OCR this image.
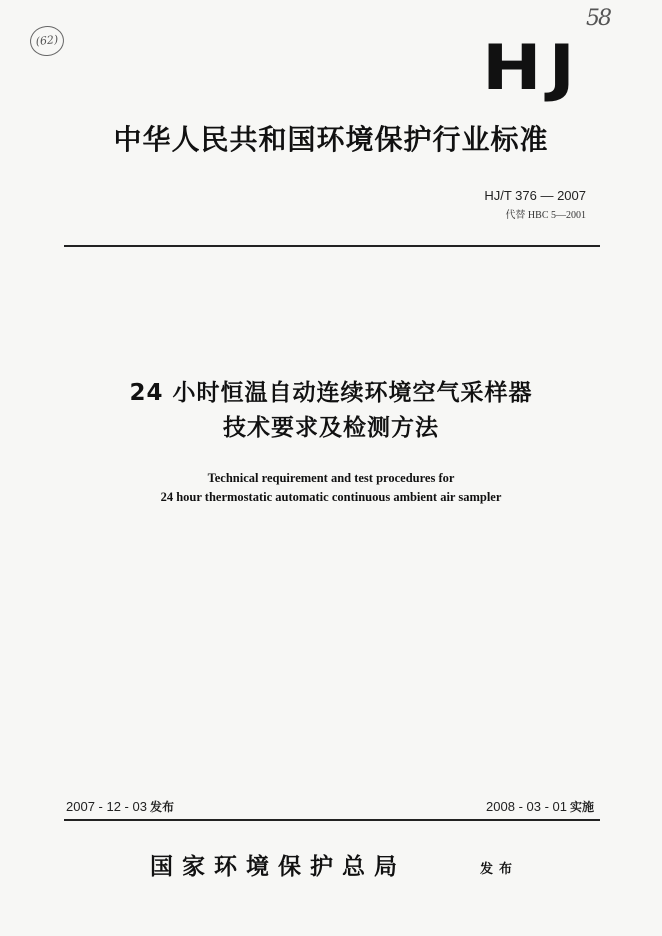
(62)
58
HJ
中华人民共和国环境保护行业标准
HJ/T 376 — 2007
代替 HBC 5—2001
24 小时恒温自动连续环境空气采样器
技术要求及检测方法
Technical requirement and test procedures for
24 hour thermostatic automatic continuous ambient air sampler
2007 - 12 - 03 发布	2008 - 03 - 01 实施
国家环境保护总局	发布
